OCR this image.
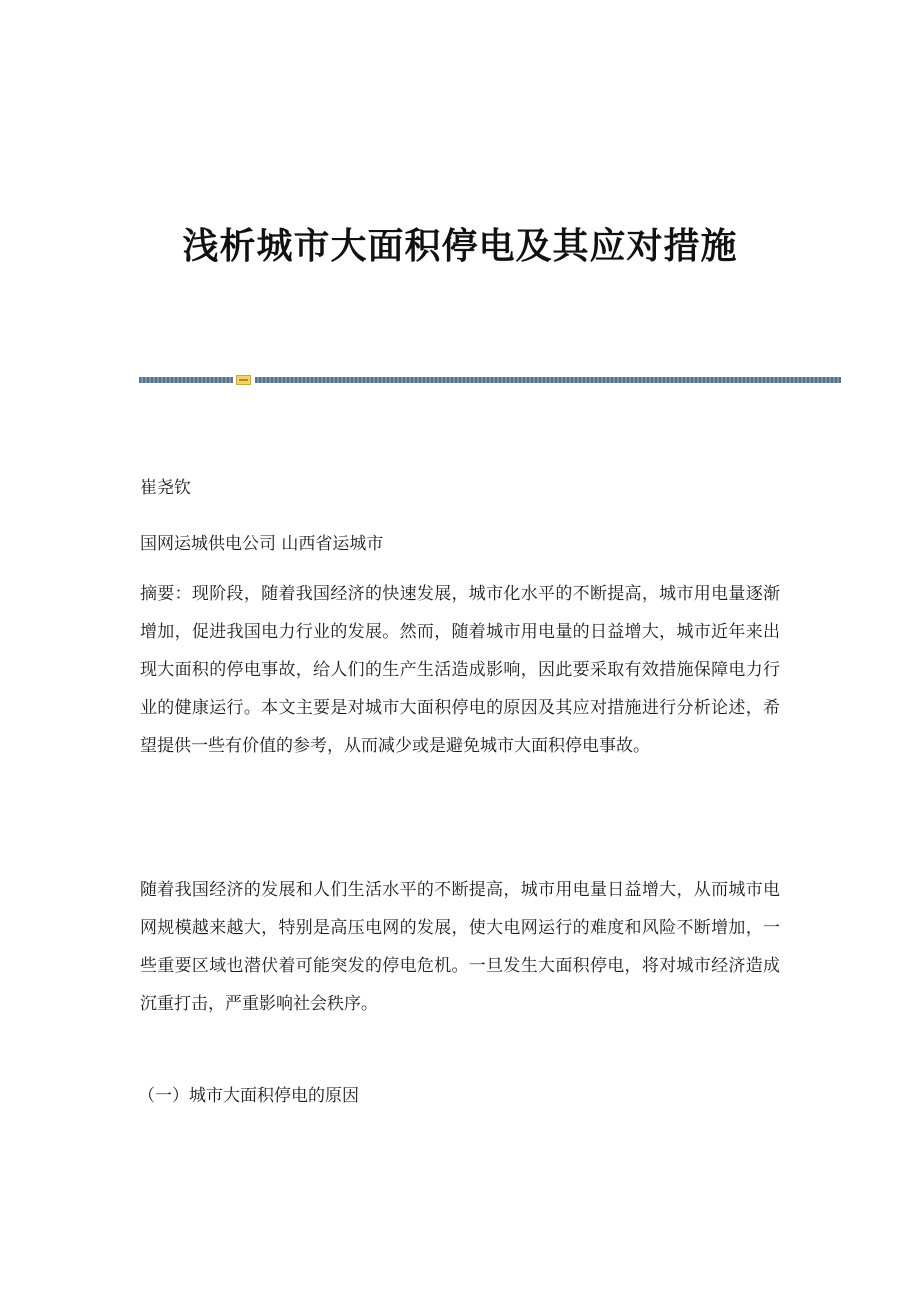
浅析城市大面积停电及其应对措施
崔尧钦
国网运城供电公司 山西省运城市

摘要：现阶段，随着我国经济的快速发展，城市化水平的不断提高，城市用电量逐渐增加，促进我国电力行业的发展。然而，随着城市用电量的日益增大，城市近年来出现大面积的停电事故，给人们的生产生活造成影响，因此要采取有效措施保障电力行业的健康运行。本文主要是对城市大面积停电的原因及其应对措施进行分析论述，希望提供一些有价值的参考，从而减少或是避免城市大面积停电事故。

随着我国经济的发展和人们生活水平的不断提高，城市用电量日益增大，从而城市电网规模越来越大，特别是高压电网的发展，使大电网运行的难度和风险不断增加，一些重要区域也潜伏着可能突发的停电危机。一旦发生大面积停电，将对城市经济造成沉重打击，严重影响社会秩序。

（一）城市大面积停电的原因
